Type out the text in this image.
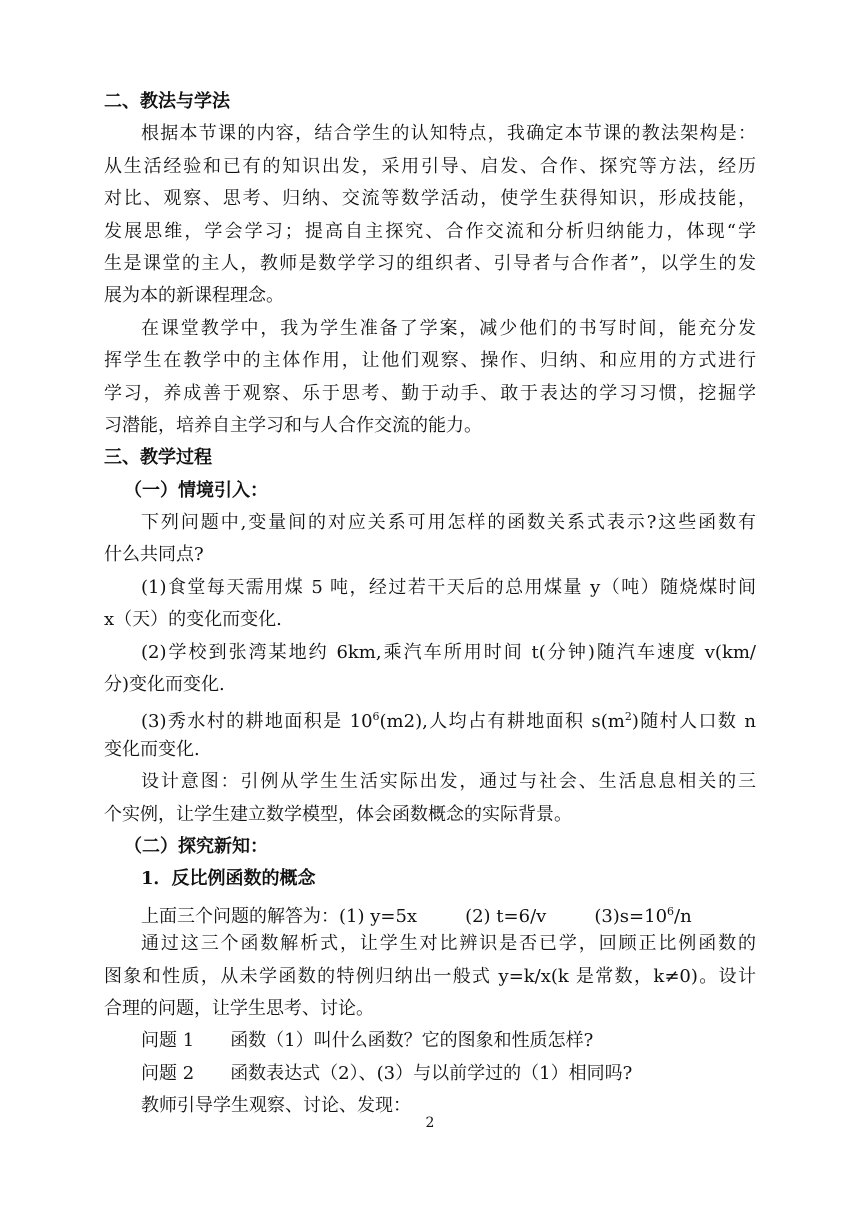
二、教法与学法
根据本节课的内容，结合学生的认知特点，我确定本节课的教法架构是：
从生活经验和已有的知识出发，采用引导、启发、合作、探究等方法，经历
对比、观察、思考、归纳、交流等数学活动，使学生获得知识，形成技能，
发展思维，学会学习；提高自主探究、合作交流和分析归纳能力，体现“学
生是课堂的主人，教师是数学学习的组织者、引导者与合作者”，以学生的发
展为本的新课程理念。
在课堂教学中，我为学生准备了学案，减少他们的书写时间，能充分发
挥学生在教学中的主体作用，让他们观察、操作、归纳、和应用的方式进行
学习，养成善于观察、乐于思考、勤于动手、敢于表达的学习习惯，挖掘学
习潜能，培养自主学习和与人合作交流的能力。
三、教学过程
（一）情境引入：
下列问题中,变量间的对应关系可用怎样的函数关系式表示?这些函数有
什么共同点?
(1)食堂每天需用煤 5 吨，经过若干天后的总用煤量 y（吨）随烧煤时间
x（天）的变化而变化.
(2)学校到张湾某地约 6km,乘汽车所用时间 t(分钟)随汽车速度 v(km/
分)变化而变化.
(3)秀水村的耕地面积是 $10^6(m2)$,人均占有耕地面积 $s(m^2)$随村人口数 n
变化而变化.
设计意图：引例从学生生活实际出发，通过与社会、生活息息相关的三
个实例，让学生建立数学模型，体会函数概念的实际背景。
（二）探究新知：
1．反比例函数的概念
上面三个问题的解答为：(1) y=5x	(2) t=6/v	$(3)s=10^6/n$
通过这三个函数解析式，让学生对比辨识是否已学，回顾正比例函数的
图象和性质，从未学函数的特例归纳出一般式 y=k/x(k 是常数，k≠0)。设计
合理的问题，让学生思考、讨论。
问题 1 函数（1）叫什么函数？它的图象和性质怎样?
问题 2 函数表达式（2）、(3）与以前学过的（1）相同吗?
教师引导学生观察、讨论、发现：
2
